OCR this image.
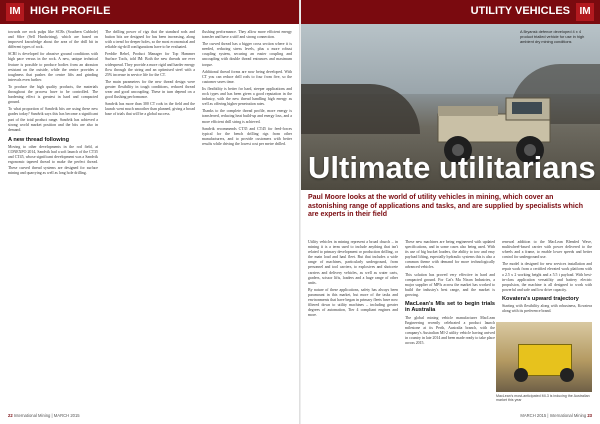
IM HIGH PROFILE

towards ore rock pulps like SCRs (Southern Cubhole) and Sfire (Sell Hardwiring), which are based on improved knowledge about the area of the drill bit in different types of rock.

SCRI is developed for abrasive ground conditions with high pace versus in the rock. A new, unique technical feature is possible to produce bodies from an abrasion resistant on the outside, while the centre provides a toughness that pushes the centre lifts and grinding intervals even further.

To produce the high quality products, the materials throughout the process have to be controlled. The hardening effect is greatest in hard and compacted ground.

To what proportion of Sandvik bits are using these new grades today? Sandvik says this has become a significant part of the total product range. Sandvik has achieved a strong world market position and the bits are also in demand.

A new thread following

Moving to other developments in the rod field, at CONEXPO 2014, Sandvik had a soft launch of the CT35 and CT45, whose significant development was a Sandvik ergonomic tapered thread to make the perfect thread. These curved thread systems are designed for surface mining and quarrying as well as long hole drilling.

The drilling power of rigs that the standard rods and button bits are designed for has been increasing, along with a trend for deeper holes, so the most economical and reliable rig-drill configurations have to be evaluated.

Freddie Rebel, Product Manager for Top Hammer Surface Tools, told IM: Both the new threads are ever widespread. They provide a more rigid and harder energy flow through the string and an optimised steel with a 25% increase in service life for the CT.

The main parameters for the new thread design were greater flexibility in tough conditions, reduced thread wear and good uncoupling. These in turn depend on a good flushing performance.

Sandvik has more than 300 CT rods in the field and the launch went much smoother than planned, giving a broad base of trials that will be a global success.

flushing performance. They allow more efficient energy transfer and have a stiff and strong connection.

The curved thread has a bigger cross section where it is needed, reducing stress levels, plus a more robust coupling system, securing an easier coupling and uncoupling with double thread entrances and maximum torque.

Additional thread forms are now being developed. With CT you can reduce drill rods to four from five, so the customer saves time.

Its flexibility is better for hard, steeper applications and rock types and has been given a good reputation in the industry, with the new thread handling high energy as well as offering higher penetration rates.

Thanks to the complete thread profile, more energy is transferred, reducing heat build-up and energy loss, and a more efficient drill string is achieved.

Sandvik recommends CT35 and CT45 for feed-forces typical for the bench drilling rigs from other manufacturers, and to provide customers with better results while driving the lowest cost per metre drilled.

22 International Mining | MARCH 2015
UTILITY VEHICLES IM
A Bryansk defence developed 4 x 4 product trialled vehicle for use in high ambient dry mining conditions
Ultimate utilitarians
Paul Moore looks at the world of utility vehicles in mining, which cover an astonishing range of applications and tasks, and are supplied by specialists which are experts in their field

Utility vehicles in mining represent a broad church – in mining it is a term used to include anything that isn't related to primary development or production drilling, or the main load and haul fleet. But that includes a wide range of machines, particularly underground, from personnel and tool carriers, to explosives and shotcrete carriers and delivery vehicles, as well as water carts, graders, scissor lifts, loaders and a huge range of other units.

By nature of these applications, safety has always been paramount in this market, but more of the tasks and environments that have began in primary fleets have now filtered down to utility machines – including greater degrees of automation, Tier 4 compliant engines and more.

These new machines are being engineered with updated specifications, and in some cases also being used. With its use of big bucket loaders, the ability to tow and easy payload lifting, especially hydraulic systems this is also a common theme with demand for more technologically advanced vehicles.

This solution has proved very effective in hard and compacted ground. For Cat's Ma Nixon Industries, a major supplier of MPIs across the market has worked to build the industry's best range, and the market is growing.

MacLean's MIs set to begin trials in Australia

The global mining vehicle manufacturer MacLean Engineering recently celebrated a product launch milestone at its Perth, Australia branch, with the company's Australian MI-2 utility vehicle having arrived in country in late 2014 and been made ready to take place across 2015.

renewal addition to the MacLean Blended Wave, multiwheel-based carrier with power delivered to the wheels and a frame, to enable lower speeds and better control for underground use.

The model is designed for new services installation and repair work from a certified elevated work platform with a 2.5 x 2 working height and a 5.5 t payload. With best-in-class application versatility and battery electric propulsion, the machine is all designed to work with powerful and safe and low drive capacity.

Kovatera's upward trajectory

Starting with flexibility along with robustness, Kovatera along with its preference brand.

MacLean's most-anticipated MI-3 is inducing the Australian market this year
MARCH 2015 | International Mining 23
